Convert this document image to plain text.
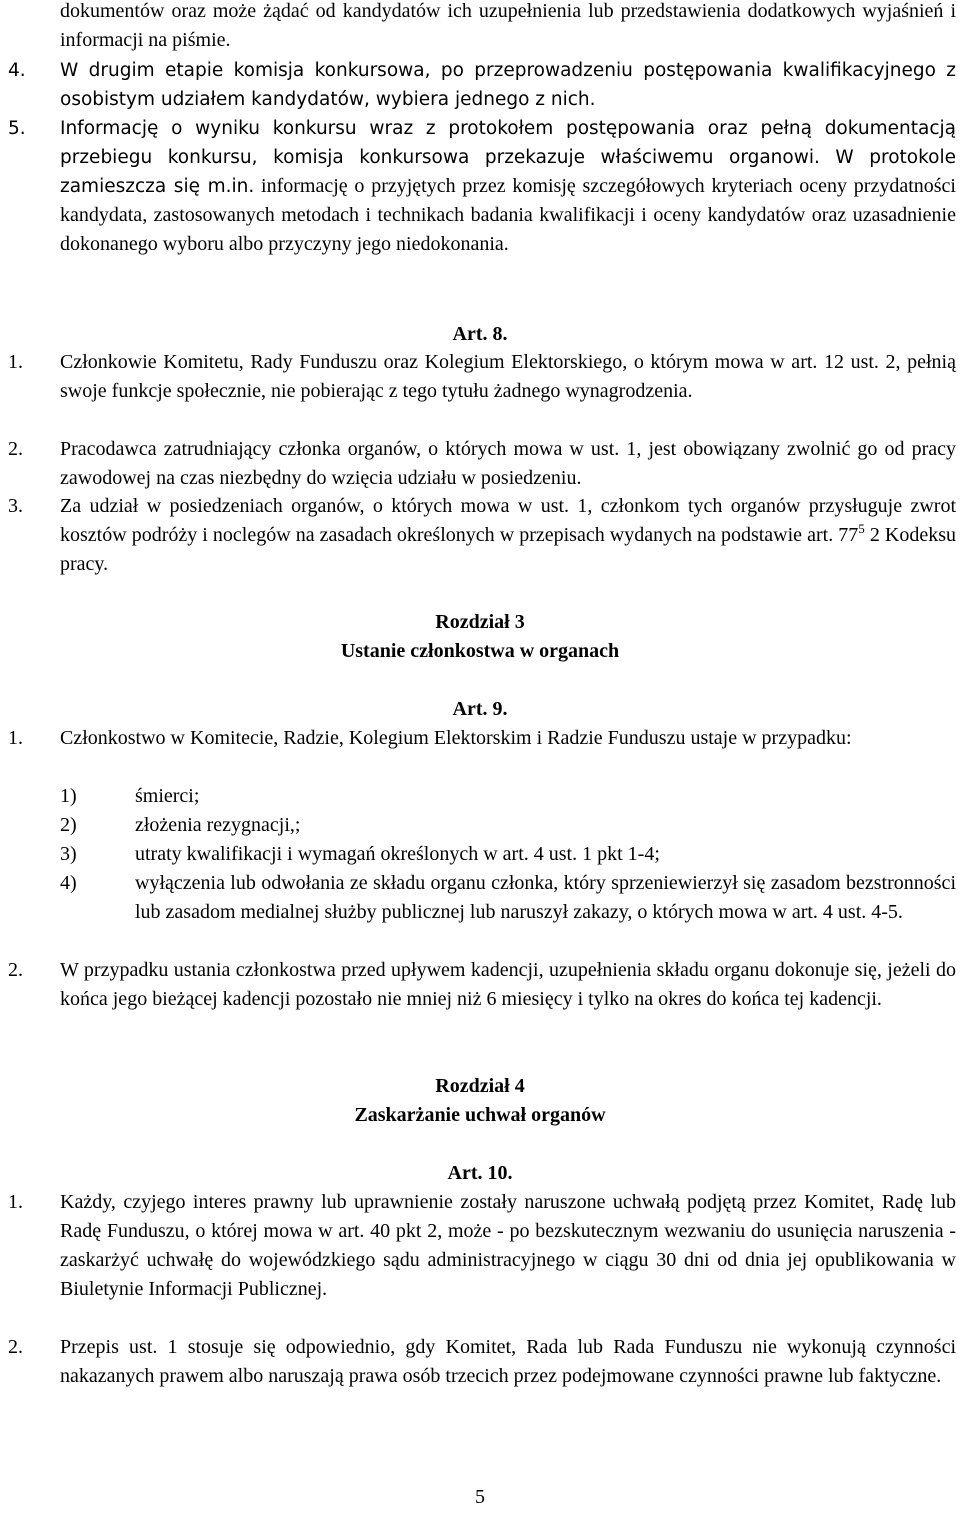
dokumentów oraz może żądać od kandydatów ich uzupełnienia lub przedstawienia dodatkowych wyjaśnień i informacji na piśmie.
4.	W drugim etapie komisja konkursowa, po przeprowadzeniu postępowania kwalifikacyjnego z osobistym udziałem kandydatów, wybiera jednego z nich.
5.	Informację o wyniku konkursu wraz z protokołem postępowania oraz pełną dokumentacją przebiegu konkursu, komisja konkursowa przekazuje właściwemu organowi. W protokole zamieszcza się m.in. informację o przyjętych przez komisję szczegółowych kryteriach oceny przydatności kandydata, zastosowanych metodach i technikach badania kwalifikacji i oceny kandydatów oraz uzasadnienie dokonanego wyboru albo przyczyny jego niedokonania.
Art. 8.
1.	Członkowie Komitetu, Rady Funduszu oraz Kolegium Elektorskiego, o którym mowa w art. 12 ust. 2, pełnią swoje funkcje społecznie, nie pobierając z tego tytułu żadnego wynagrodzenia.
2.	Pracodawca zatrudniający członka organów, o których mowa w ust. 1, jest obowiązany zwolnić go od pracy zawodowej na czas niezbędny do wzięcia udziału w posiedzeniu.
3.	Za udział w posiedzeniach organów, o których mowa w ust. 1, członkom tych organów przysługuje zwrot kosztów podróży i noclegów na zasadach określonych w przepisach wydanych na podstawie art. $77^5$ 2 Kodeksu pracy.
Rozdział 3
Ustanie członkostwa w organach
Art. 9.
1.	Członkostwo w Komitecie, Radzie, Kolegium Elektorskim i Radzie Funduszu ustaje w przypadku:
1)	śmierci;
2)	złożenia rezygnacji,;
3)	utraty kwalifikacji i wymagań określonych w art. 4 ust. 1 pkt 1-4;
4)	wyłączenia lub odwołania ze składu organu członka, który sprzeniewierzył się zasadom bezstronności lub zasadom medialnej służby publicznej lub naruszył zakazy, o których mowa w art. 4 ust. 4-5.
2.	W przypadku ustania członkostwa przed upływem kadencji, uzupełnienia składu organu dokonuje się, jeżeli do końca jego bieżącej kadencji pozostało nie mniej niż 6 miesięcy i tylko na okres do końca tej kadencji.
Rozdział 4
Zaskarżanie uchwał organów
Art. 10.
1.	Każdy, czyjego interes prawny lub uprawnienie zostały naruszone uchwałą podjętą przez Komitet, Radę lub Radę Funduszu, o której mowa w art. 40 pkt 2, może - po bezskutecznym wezwaniu do usunięcia naruszenia - zaskarżyć uchwałę do wojewódzkiego sądu administracyjnego w ciągu 30 dni od dnia jej opublikowania w Biuletynie Informacji Publicznej.
2.	Przepis ust. 1 stosuje się odpowiednio, gdy Komitet, Rada lub Rada Funduszu nie wykonują czynności nakazanych prawem albo naruszają prawa osób trzecich przez podejmowane czynności prawne lub faktyczne.
5
